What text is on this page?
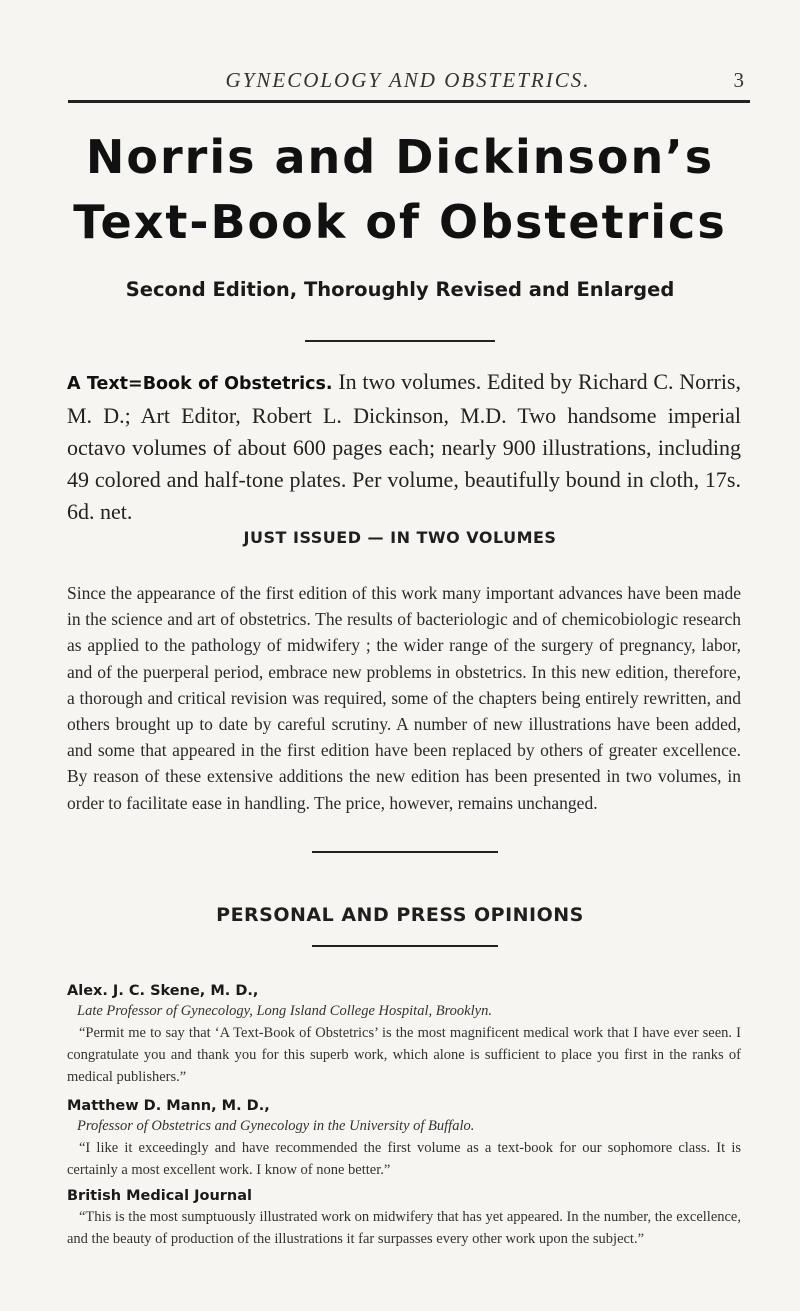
GYNECOLOGY AND OBSTETRICS.	3
Norris and Dickinson’s
Text-Book of Obstetrics
Second Edition, Thoroughly Revised and Enlarged
A Text=Book of Obstetrics. In two volumes. Edited by Richard C. Norris, M. D.; Art Editor, Robert L. Dickinson, M.D. Two handsome imperial octavo volumes of about 600 pages each; nearly 900 illustrations, including 49 colored and half-tone plates. Per volume, beautifully bound in cloth, 17s. 6d. net.
JUST ISSUED — IN TWO VOLUMES
Since the appearance of the first edition of this work many important advances have been made in the science and art of obstetrics. The results of bacteriologic and of chemicobiologic research as applied to the pathology of midwifery ; the wider range of the surgery of pregnancy, labor, and of the puerperal period, embrace new problems in obstetrics. In this new edition, therefore, a thorough and critical revision was required, some of the chapters being entirely rewritten, and others brought up to date by careful scrutiny. A number of new illustrations have been added, and some that appeared in the first edition have been replaced by others of greater excellence. By reason of these extensive additions the new edition has been presented in two volumes, in order to facilitate ease in handling. The price, however, remains unchanged.
PERSONAL AND PRESS OPINIONS
Alex. J. C. Skene, M. D.,
Late Professor of Gynecology, Long Island College Hospital, Brooklyn.
“Permit me to say that ‘A Text-Book of Obstetrics’ is the most magnificent medical work that I have ever seen. I congratulate you and thank you for this superb work, which alone is sufficient to place you first in the ranks of medical publishers.”
Matthew D. Mann, M. D.,
Professor of Obstetrics and Gynecology in the University of Buffalo.
“I like it exceedingly and have recommended the first volume as a text-book for our sophomore class. It is certainly a most excellent work. I know of none better.”
British Medical Journal
“This is the most sumptuously illustrated work on midwifery that has yet appeared. In the number, the excellence, and the beauty of production of the illustrations it far surpasses every other work upon the subject.”
